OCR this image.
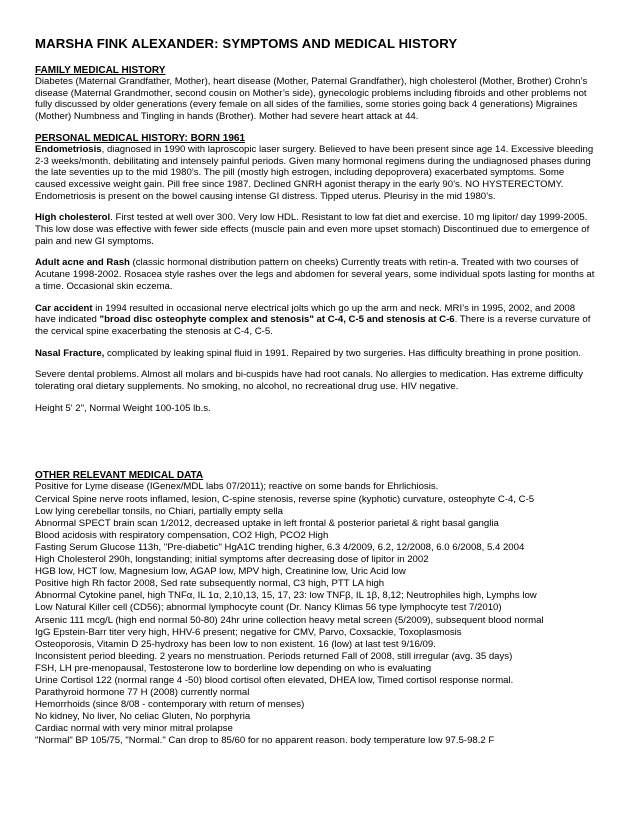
MARSHA FINK ALEXANDER: SYMPTOMS AND MEDICAL HISTORY
FAMILY MEDICAL HISTORY

Diabetes (Maternal Grandfather, Mother), heart disease (Mother, Paternal Grandfather), high cholesterol (Mother, Brother) Crohn’s disease (Maternal Grandmother, second cousin on Mother’s side), gynecologic problems including fibroids and other problems not fully discussed by older generations (every female on all sides of the families, some stories going back 4 generations) Migraines (Mother) Numbness and Tingling in hands (Brother). Mother had severe heart attack at 44.

PERSONAL MEDICAL HISTORY: BORN 1961

Endometriosis, diagnosed in 1990 with laproscopic laser surgery. Believed to have been present since age 14. Excessive bleeding 2-3 weeks/month. debilitating and intensely painful periods. Given many hormonal regimens during the undiagnosed phases during the late seventies up to the mid 1980’s. The pill (mostly high estrogen, including depoprovera) exacerbated symptoms. Some caused excessive weight gain. Pill free since 1987. Declined GNRH agonist therapy in the early 90’s. NO HYSTERECTOMY. Endometriosis is present on the bowel causing intense GI distress. Tipped uterus. Pleurisy in the mid 1980’s.

High cholesterol. First tested at well over 300. Very low HDL. Resistant to low fat diet and exercise. 10 mg lipitor/ day 1999-2005. This low dose was effective with fewer side effects (muscle pain and even more upset stomach) Discontinued due to emergence of pain and new GI symptoms.

Adult acne and Rash (classic hormonal distribution pattern on cheeks) Currently treats with retin-a. Treated with two courses of Acutane 1998-2002. Rosacea style rashes over the legs and abdomen for several years, some individual spots lasting for months at a time. Occasional skin eczema.

Car accident in 1994 resulted in occasional nerve electrical jolts which go up the arm and neck. MRI’s in 1995, 2002, and 2008 have indicated "broad disc osteophyte complex and stenosis" at C-4, C-5 and stenosis at C-6. There is a reverse curvature of the cervical spine exacerbating the stenosis at C-4, C-5.

Nasal Fracture, complicated by leaking spinal fluid in 1991. Repaired by two surgeries. Has difficulty breathing in prone position.

Severe dental problems. Almost all molars and bi-cuspids have had root canals. No allergies to medication. Has extreme difficulty tolerating oral dietary supplements. No smoking, no alcohol, no recreational drug use. HIV negative.

Height 5' 2", Normal Weight 100-105 lb.s.

OTHER RELEVANT MEDICAL DATA
Positive for Lyme disease (IGenex/MDL labs 07/2011); reactive on some bands for Ehrlichiosis.
Cervical Spine nerve roots inflamed, lesion, C-spine stenosis, reverse spine (kyphotic) curvature, osteophyte C-4, C-5
Low lying cerebellar tonsils, no Chiari, partially empty sella
Abnormal SPECT brain scan 1/2012, decreased uptake in left frontal & posterior parietal & right basal ganglia
Blood acidosis with respiratory compensation, CO2 High, PCO2 High
Fasting Serum Glucose 113h, "Pre-diabetic" HgA1C trending higher, 6.3 4/2009, 6.2, 12/2008, 6.0 6/2008, 5.4 2004
High Cholesterol 290h, longstanding; initial symptoms after decreasing dose of lipitor in 2002
HGB low, HCT low, Magnesium low, AGAP low, MPV high, Creatinine low, Uric Acid low
Positive high Rh factor 2008, Sed rate subsequently normal, C3 high, PTT LA high
Abnormal Cytokine panel, high TNFα, IL 1α, 2,10,13, 15, 17, 23: low TNFβ, IL 1β, 8,12; Neutrophiles high, Lymphs low
Low Natural Killer cell (CD56); abnormal lymphocyte count (Dr. Nancy Klimas 56 type lymphocyte test 7/2010)
Arsenic 111 mcg/L (high end normal 50-80) 24hr urine collection heavy metal screen (5/2009), subsequent blood normal
IgG Epstein-Barr titer very high, HHV-6 present; negative for CMV, Parvo, Coxsackie, Toxoplasmosis
Osteoporosis, Vitamin D 25-hydroxy has been low to non existent. 16 (low) at last test 9/16/09.
Inconsistent period bleeding. 2 years no menstruation. Periods returned Fall of 2008, still irregular (avg. 35 days)
FSH, LH pre-menopausal, Testosterone low to borderline low depending on who is evaluating
Urine Cortisol 122 (normal range 4 -50) blood cortisol often elevated, DHEA low, Timed cortisol response normal.
Parathyroid hormone 77 H (2008) currently normal
Hemorrhoids (since 8/08 - contemporary with return of menses)
No kidney, No liver, No celiac Gluten, No porphyria
Cardiac normal with very minor mitral prolapse
"Normal" BP 105/75, "Normal." Can drop to 85/60 for no apparent reason. body temperature low 97.5-98.2 F
